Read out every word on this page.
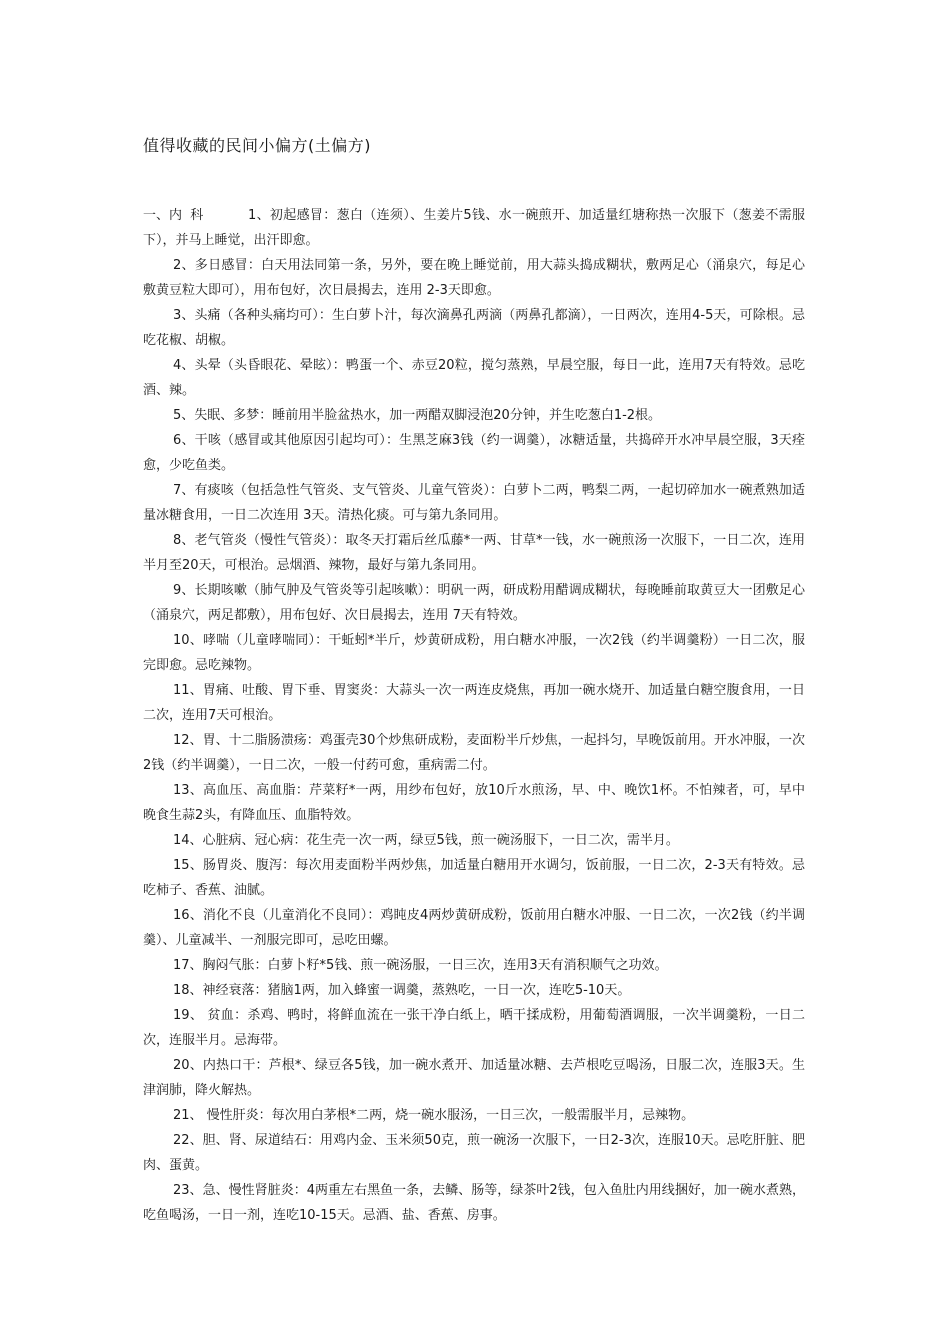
值得收藏的民间小偏方(土偏方)

一、内  科	1、初起感冒：葱白（连须）、生姜片5钱、水一碗煎开、加适量红塘称热一次服下（葱姜不需服下），并马上睡觉，出汗即愈。

2、多日感冒：白天用法同第一条，另外，要在晚上睡觉前，用大蒜头捣成糊状，敷两足心（涌泉穴，每足心敷黄豆粒大即可），用布包好，次日晨揭去，连用 2-3天即愈。

3、头痛（各种头痛均可）：生白萝卜汁，每次滴鼻孔两滴（两鼻孔都滴），一日两次，连用4-5天，可除根。忌吃花椒、胡椒。

4、头晕（头昏眼花、晕眩）：鸭蛋一个、赤豆20粒，搅匀蒸熟，早晨空服，每日一此，连用7天有特效。忌吃酒、辣。

5、失眠、多梦：睡前用半脸盆热水，加一两醋双脚浸泡20分钟，并生吃葱白1-2根。

6、干咳（感冒或其他原因引起均可）：生黑芝麻3钱（约一调羹），冰糖适量，共捣碎开水冲早晨空服，3天痊愈，少吃鱼类。

7、有痰咳（包括急性气管炎、支气管炎、儿童气管炎）：白萝卜二两，鸭梨二两，一起切碎加水一碗煮熟加适量冰糖食用，一日二次连用 3天。清热化痰。可与第九条同用。

8、老气管炎（慢性气管炎）：取冬天打霜后丝瓜藤*一两、甘草*一钱，水一碗煎汤一次服下，一日二次，连用半月至20天，可根治。忌烟酒、辣物，最好与第九条同用。

9、长期咳嗽（肺气肿及气管炎等引起咳嗽）：明矾一两，研成粉用醋调成糊状，每晚睡前取黄豆大一团敷足心（涌泉穴，两足都敷），用布包好、次日晨揭去，连用 7天有特效。

10、哮喘（儿童哮喘同）：干蚯蚓*半斤，炒黄研成粉，用白糖水冲服，一次2钱（约半调羹粉）一日二次，服完即愈。忌吃辣物。

11、胃痛、吐酸、胃下垂、胃窦炎：大蒜头一次一两连皮烧焦，再加一碗水烧开、加适量白糖空腹食用，一日二次，连用7天可根治。

12、胃、十二脂肠溃疡：鸡蛋壳30个炒焦研成粉，麦面粉半斤炒焦，一起抖匀，早晚饭前用。开水冲服，一次2钱（约半调羹），一日二次，一般一付药可愈，重病需二付。

13、高血压、高血脂：芹菜籽*一两，用纱布包好，放10斤水煎汤，早、中、晚饮1杯。不怕辣者，可，早中晚食生蒜2头，有降血压、血脂特效。

14、心脏病、冠心病：花生壳一次一两，绿豆5钱，煎一碗汤服下，一日二次，需半月。

15、肠胃炎、腹泻：每次用麦面粉半两炒焦，加适量白糖用开水调匀，饭前服，一日二次，2-3天有特效。忌吃柿子、香蕉、油腻。

16、消化不良（儿童消化不良同）：鸡盹皮4两炒黄研成粉，饭前用白糖水冲服、一日二次，一次2钱（约半调羹）、儿童减半、一剂服完即可，忌吃田螺。

17、胸闷气胀：白萝卜籽*5钱、煎一碗汤服，一日三次，连用3天有消积顺气之功效。

18、神经衰落：猪脑1两，加入蜂蜜一调羹，蒸熟吃，一日一次，连吃5-10天。

19、 贫血：杀鸡、鸭时，将鲜血流在一张干净白纸上，晒干揉成粉，用葡萄酒调服，一次半调羹粉，一日二次，连服半月。忌海带。

20、内热口干：芦根*、绿豆各5钱，加一碗水煮开、加适量冰糖、去芦根吃豆喝汤，日服二次，连服3天。生津润肺，降火解热。

21、 慢性肝炎：每次用白茅根*二两，烧一碗水服汤，一日三次，一般需服半月，忌辣物。

22、胆、肾、尿道结石：用鸡内金、玉米须50克，煎一碗汤一次服下，一日2-3次，连服10天。忌吃肝脏、肥肉、蛋黄。

23、急、慢性肾脏炎：4两重左右黑鱼一条，去鳞、肠等，绿茶叶2钱，包入鱼肚内用线捆好，加一碗水煮熟，吃鱼喝汤，一日一剂，连吃10-15天。忌酒、盐、香蕉、房事。
